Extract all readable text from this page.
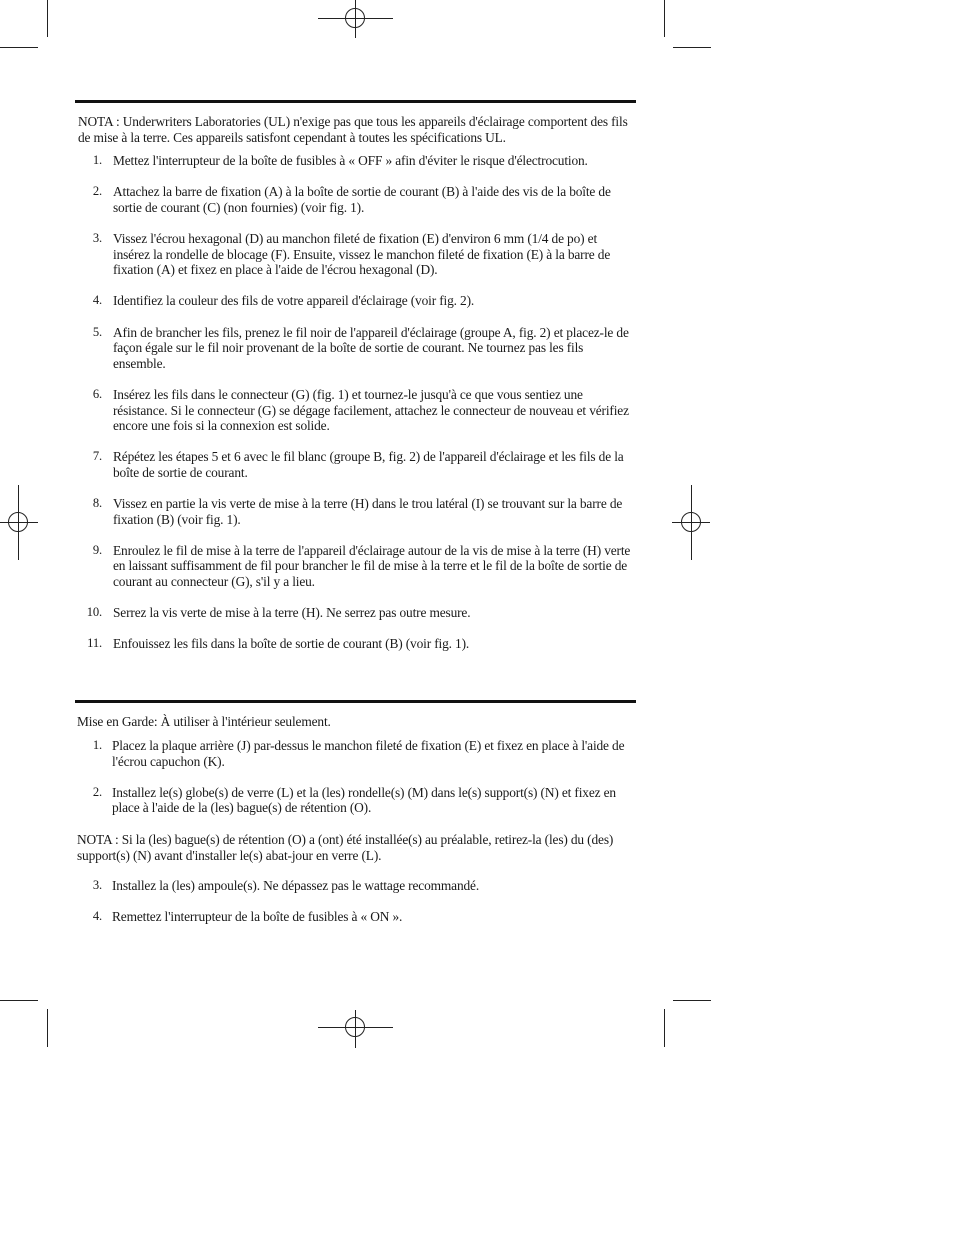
NOTA : Underwriters Laboratories (UL) n'exige pas que tous les appareils d'éclairage comportent des fils de mise à la terre. Ces appareils satisfont cependant à toutes les spécifications UL.

1. Mettez l'interrupteur de la boîte de fusibles à « OFF » afin d'éviter le risque d'électrocution.
2. Attachez la barre de fixation (A) à la boîte de sortie de courant (B) à l'aide des vis de la boîte de sortie de courant (C) (non fournies) (voir fig. 1).
3. Vissez l'écrou hexagonal (D) au manchon fileté de fixation (E) d'environ 6 mm (1/4 de po) et insérez la rondelle de blocage (F). Ensuite, vissez le manchon fileté de fixation (E) à la barre de fixation (A) et fixez en place à l'aide de l'écrou hexagonal (D).
4. Identifiez la couleur des fils de votre appareil d'éclairage (voir fig. 2).
5. Afin de brancher les fils, prenez le fil noir de l'appareil d'éclairage (groupe A, fig. 2) et placez-le de façon égale sur le fil noir provenant de la boîte de sortie de courant. Ne tournez pas les fils ensemble.
6. Insérez les fils dans le connecteur (G) (fig. 1) et tournez-le jusqu'à ce que vous sentiez une résistance. Si le connecteur (G) se dégage facilement, attachez le connecteur de nouveau et vérifiez encore une fois si la connexion est solide.
7. Répétez les étapes 5 et 6 avec le fil blanc (groupe B, fig. 2) de l'appareil d'éclairage et les fils de la boîte de sortie de courant.
8. Vissez en partie la vis verte de mise à la terre (H) dans le trou latéral (I) se trouvant sur la barre de fixation (B) (voir fig. 1).
9. Enroulez le fil de mise à la terre de l'appareil d'éclairage autour de la vis de mise à la terre (H) verte en laissant suffisamment de fil pour brancher le fil de mise à la terre et le fil de la boîte de sortie de courant au connecteur (G), s'il y a lieu.
10. Serrez la vis verte de mise à la terre (H). Ne serrez pas outre mesure.
11. Enfouissez les fils dans la boîte de sortie de courant (B) (voir fig. 1).

Mise en Garde: À utiliser à l'intérieur seulement.

1. Placez la plaque arrière (J) par-dessus le manchon fileté de fixation (E) et fixez en place à l'aide de l'écrou capuchon (K).
2. Installez le(s) globe(s) de verre (L) et la (les) rondelle(s) (M) dans le(s) support(s) (N) et fixez en place à l'aide de la (les) bague(s) de rétention (O).

NOTA : Si la (les) bague(s) de rétention (O) a (ont) été installée(s) au préalable, retirez-la (les) du (des) support(s) (N) avant d'installer le(s) abat-jour en verre (L).

3. Installez la (les) ampoule(s). Ne dépassez pas le wattage recommandé.
4. Remettez l'interrupteur de la boîte de fusibles à « ON ».
